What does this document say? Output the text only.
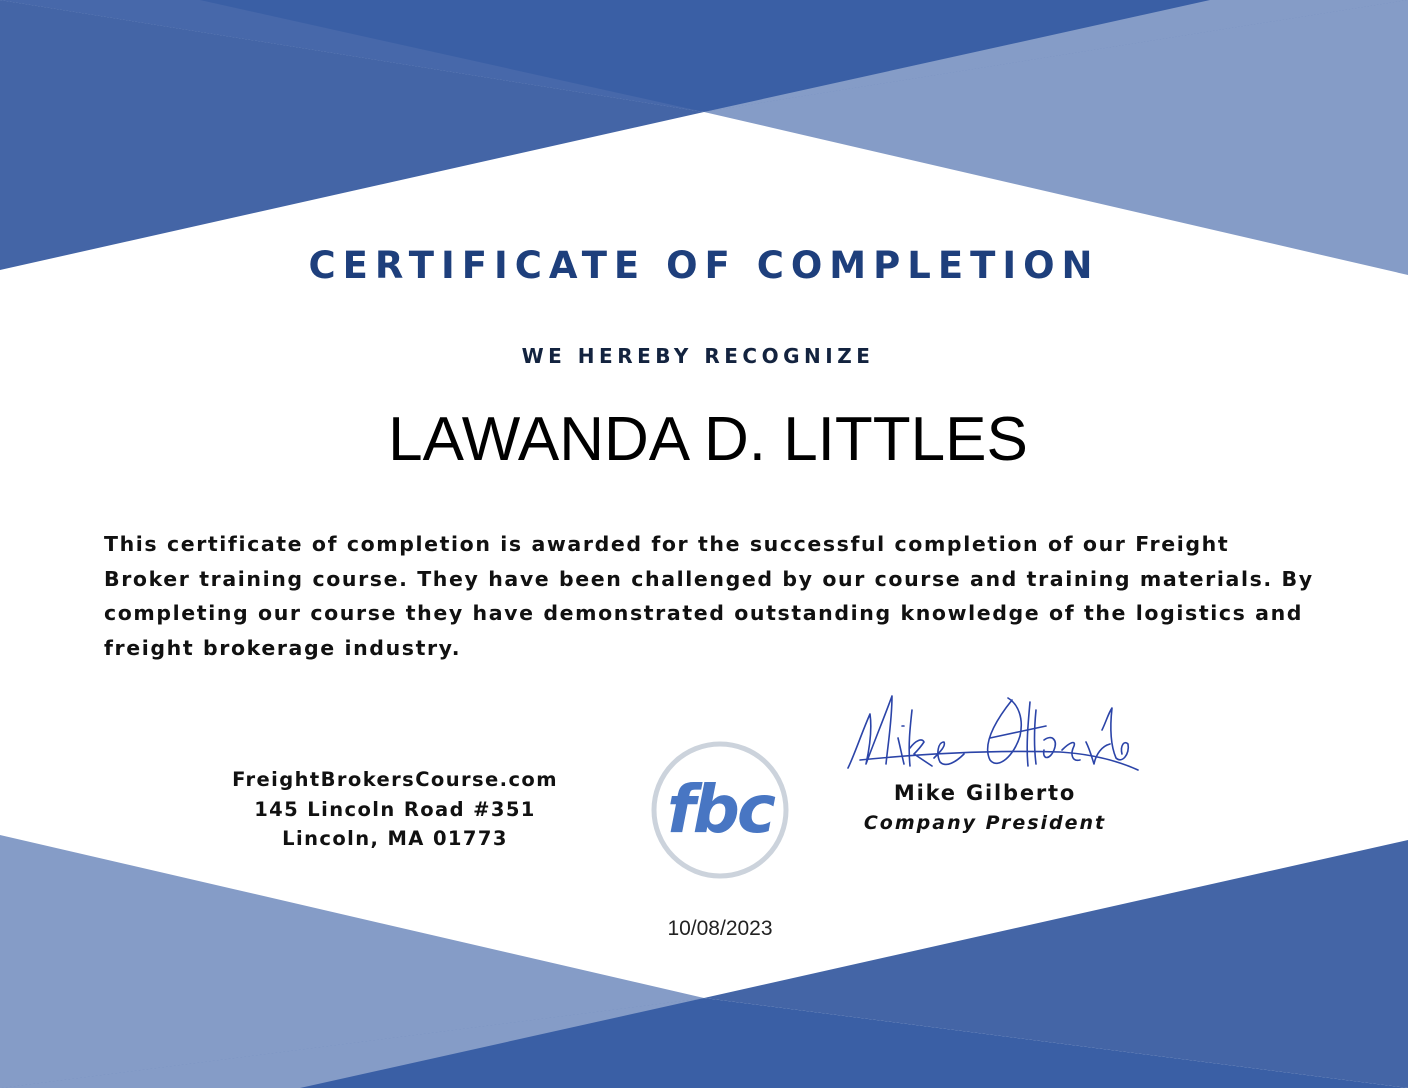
CERTIFICATE OF COMPLETION
WE HEREBY RECOGNIZE
LAWANDA D. LITTLES
This certificate of completion is awarded for the successful completion of our Freight Broker training course. They have been challenged by our course and training materials. By completing our course they have demonstrated outstanding knowledge of the logistics and freight brokerage industry.
FreightBrokersCourse.com
145 Lincoln Road #351
Lincoln, MA 01773	fbc	Mike Gilberto
Company President
10/08/2023
